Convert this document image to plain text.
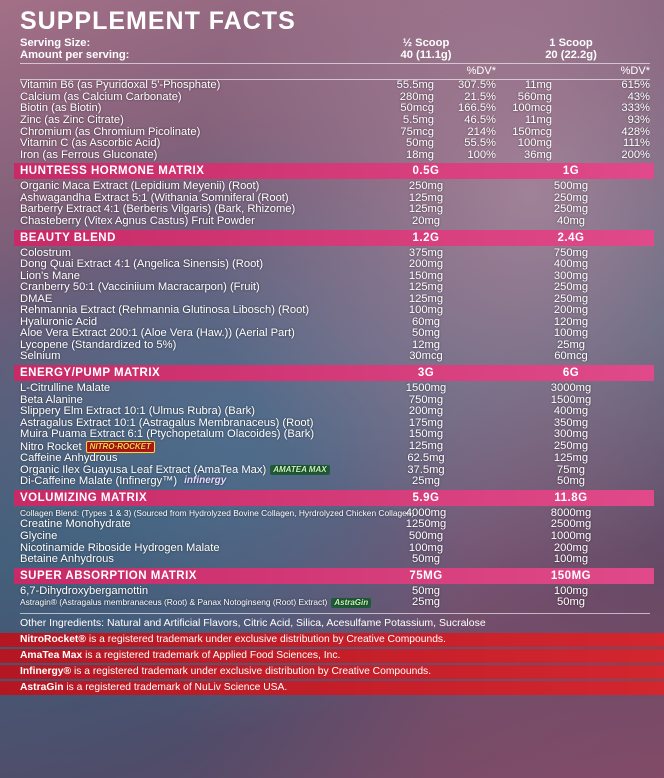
SUPPLEMENT FACTS
Serving Size:	½ Scoop	1 Scoop
Amount per serving:	40 (11.1g)	20 (22.2g)
%DV*	%DV*
Vitamin B6 (as Pyuridoxal 5'-Phosphate)	55.5mg	307.5%	11mg	615%
Calcium (as Calcium Carbonate)	280mg	21.5%	560mg	43%
Biotin (as Biotin)	50mcg	166.5%	100mcg	333%
Zinc (as Zinc Citrate)	5.5mg	46.5%	11mg	93%
Chromium (as Chromium Picolinate)	75mcg	214%	150mcg	428%
Vitamin C (as Ascorbic Acid)	50mg	55.5%	100mg	111%
Iron (as Ferrous Gluconate)	18mg	100%	36mg	200%
HUNTRESS HORMONE MATRIX	0.5G	1G
Organic Maca Extract (Lepidium Meyenii) (Root)	250mg	500mg
Ashwagandha Extract 5:1 (Withania Somniferal (Root)	125mg	250mg
Barberry Extract 4:1 (Berberis Vilgaris) (Bark, Rhizome)	125mg	250mg
Chasteberry (Vitex Agnus Castus) Fruit Powder	20mg	40mg
BEAUTY BLEND	1.2G	2.4G
Colostrum	375mg	750mg
Dong Quai Extract 4:1 (Angelica Sinensis) (Root)	200mg	400mg
Lion's Mane	150mg	300mg
Cranberry 50:1 (Vacciniium Macracarpon) (Fruit)	125mg	250mg
DMAE	125mg	250mg
Rehmannia Extract (Rehmannia Glutinosa Libosch) (Root)	100mg	200mg
Hyaluronic Acid	60mg	120mg
Aloe Vera Extract 200:1 (Aloe Vera (Haw.)) (Aerial Part)	50mg	100mg
Lycopene (Standardized to 5%)	12mg	25mg
Selnium	30mcg	60mcg
ENERGY/PUMP MATRIX	3G	6G
L-Citrulline Malate	1500mg	3000mg
Beta Alanine	750mg	1500mg
Slippery Elm Extract 10:1 (Ulmus Rubra) (Bark)	200mg	400mg
Astragalus Extract 10:1 (Astragalus Membranaceus) (Root)	175mg	350mg
Muira Puama Extract 6:1 (Ptychopetalum Olacoides) (Bark)	150mg	300mg
Nitro Rocket NITRO·ROCKET	125mg	250mg
Caffeine Anhydrous	62.5mg	125mg
Organic Ilex Guayusa Leaf Extract (AmaTea Max) AMATEA MAX	37.5mg	75mg
Di-Caffeine Malate (Infinergy™) infinergy	25mg	50mg
VOLUMIZING MATRIX	5.9G	11.8G
Collagen Blend: (Types 1 & 3) (Sourced from Hydrolyzed Bovine Collagen, Hyrdrolyzed Chicken Collagen)
4000mg	8000mg
Creatine Monohydrate	1250mg	2500mg
Glycine	500mg	1000mg
Nicotinamide Riboside Hydrogen Malate	100mg	200mg
Betaine Anhydrous	50mg	100mg
SUPER ABSORPTION MATRIX	75MG	150MG
6,7-Dihydroxybergamottin	50mg	100mg
Astragin® (Astragalus membranaceus (Root) & Panax Notoginseng (Root) Extract) AstraGin	25mg	50mg
Other Ingredients: Natural and Artificial Flavors, Citric Acid, Silica, Acesulfame Potassium, Sucralose
NitroRocket® is a registered trademark under exclusive distribution by Creative Compounds.
AmaTea Max is a registered trademark of Applied Food Sciences, Inc.
Infinergy® is a registered trademark under exclusive distribution by Creative Compounds.
AstraGin is a registered trademark of NuLiv Science USA.
